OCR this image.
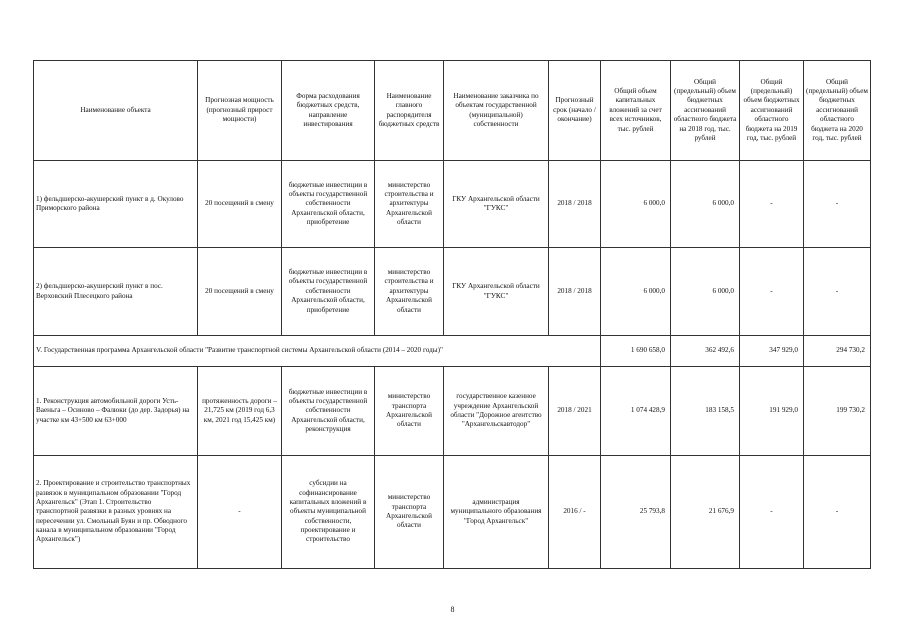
Наименование объекта	Прогнозная мощность (прогнозный прирост мощности)	Форма расходования бюджетных средств, направление инвестирования	Наименование главного распорядителя бюджетных средств	Наименование заказчика по объектам государственной (муниципальной) собственности	Прогнозный срок (начало / окончание)	Общий объем капитальных вложений за счет всех источников, тыс. рублей	Общий (предельный) объем бюджетных ассигнований областного бюджета на 2018 год, тыс. рублей	Общий (предельный) объем бюджетных ассигнований областного бюджета на 2019 год, тыс. рублей	Общий (предельный) объем бюджетных ассигнований областного бюджета на 2020 год, тыс. рублей
1) фельдшерско-акушерский пункт в д. Окулово Приморского района	20 посещений в смену	бюджетные инвестиции в объекты государственной собственности Архангельской области, приобретение	министерство строительства и архитектуры Архангельской области	ГКУ Архангельской области "ГУКС"	2018 / 2018	6 000,0	6 000,0	-	-
2) фельдшерско-акушерский пункт в пос. Верховский Плесецкого района	20 посещений в смену	бюджетные инвестиции в объекты государственной собственности Архангельской области, приобретение	министерство строительства и архитектуры Архангельской области	ГКУ Архангельской области "ГУКС"	2018 / 2018	6 000,0	6 000,0	-	-
V. Государственная программа Архангельской области "Развитие транспортной системы Архангельской области (2014 – 2020 годы)"						1 690 658,0	362 492,6	347 929,0	294 730,2
1. Реконструкция автомобильной дороги Усть-Ваеньга – Осиново – Фалюки (до дер. Задорья) на участке км 43+500 км 63+000	протяженность дороги – 21,725 км (2019 год 6,3 км, 2021 год 15,425 км)	бюджетные инвестиции в объекты государственной собственности Архангельской области, реконструкция	министерство транспорта Архангельской области	государственное казенное учреждение Архангельской области "Дорожное агентство "Архангельскавтодор"	2018 / 2021	1 074 428,9	183 158,5	191 929,0	199 730,2
2. Проектирование и строительство транспортных развязок в муниципальном образовании "Город Архангельск" (Этап 1. Строительство транспортной развязки в разных уровнях на пересечении ул. Смольный Буян и пр. Обводного канала в муниципальном образовании "Город Архангельск")	-	субсидии на софинансирование капитальных вложений в объекты муниципальной собственности, проектирование и строительство	министерство транспорта Архангельской области	администрация муниципального образования "Город Архангельск"	2016 / -	25 793,8	21 676,9	-	-
8
